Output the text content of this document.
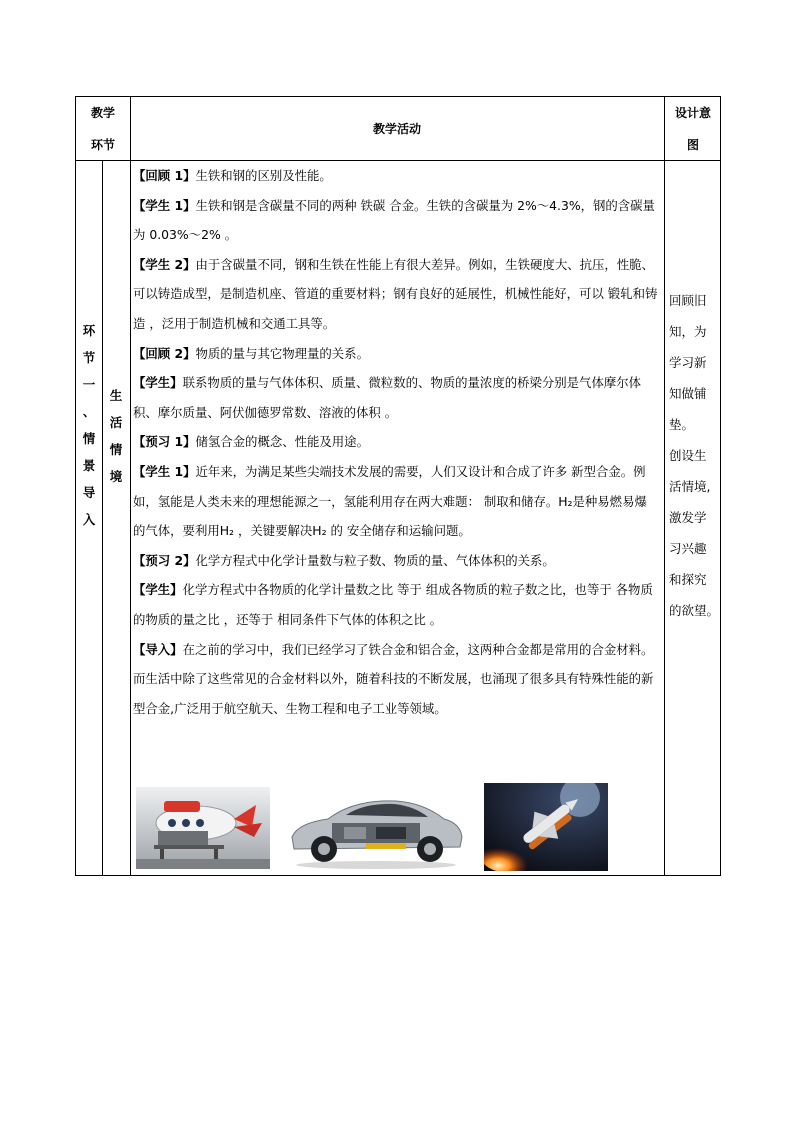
教学
环节
教学活动
设计意
图
环
节
一
、
情
景
导
入
生
活
情
境

【回顾 1】生铁和钢的区别及性能。

【学生 1】生铁和钢是含碳量不同的两种 铁碳 合金。生铁的含碳量为 2%～4.3%，钢的含碳量为 0.03%～2% 。

【学生 2】由于含碳量不同，钢和生铁在性能上有很大差异。例如，生铁硬度大、抗压，性脆、可以铸造成型，是制造机座、管道的重要材料；钢有良好的延展性，机械性能好，可以 锻轧和铸造 ，泛用于制造机械和交通工具等。

【回顾 2】物质的量与其它物理量的关系。

【学生】联系物质的量与气体体积、质量、微粒数的、物质的量浓度的桥梁分别是气体摩尔体积、摩尔质量、阿伏伽德罗常数、溶液的体积 。

【预习 1】储氢合金的概念、性能及用途。

【学生 1】近年来，为满足某些尖端技术发展的需要，人们又设计和合成了许多 新型合金。例如，氢能是人类未来的理想能源之一，氢能利用存在两大难题： 制取和储存。H₂是种易燃易爆 的气体，要利用H₂ ，关键要解决H₂ 的 安全储存和运输问题。

【预习 2】化学方程式中化学计量数与粒子数、物质的量、气体体积的关系。

【学生】化学方程式中各物质的化学计量数之比 等于 组成各物质的粒子数之比，也等于 各物质的物质的量之比 ，还等于 相同条件下气体的体积之比 。

【导入】在之前的学习中，我们已经学习了铁合金和铝合金，这两种合金都是常用的合金材料。而生活中除了这些常见的合金材料以外，随着科技的不断发展，也涌现了很多具有特殊性能的新型合金,广泛用于航空航天、生物工程和电子工业等领域。

回顾旧
知，为
学习新
知做铺
垫。
创设生
活情境,
激发学
习兴趣
和探究
的欲望。
